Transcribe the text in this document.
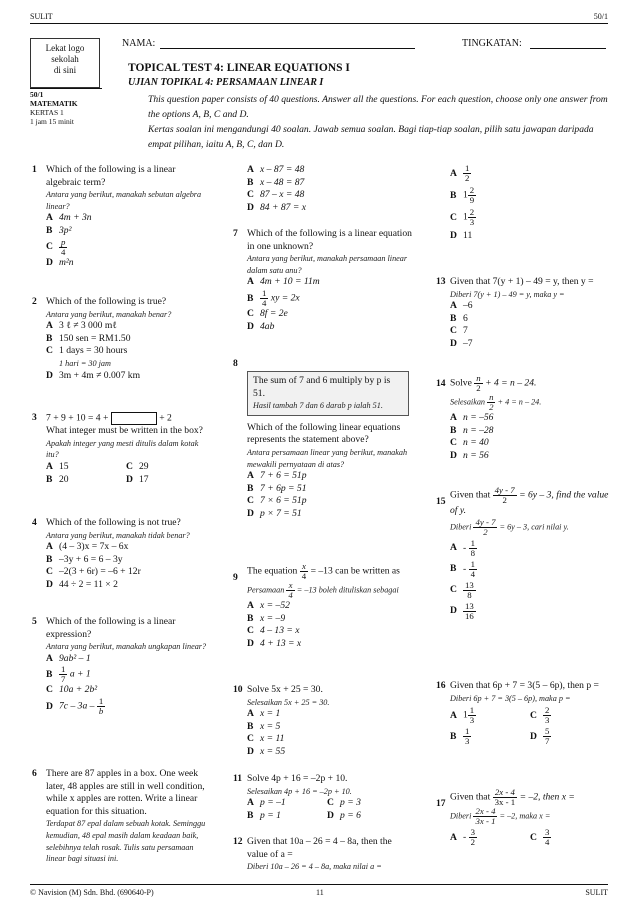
SULIT	50/1
Lekat logo
sekolah
di sini
50/1
MATEMATIK
KERTAS 1
1 jam 15 minit
NAMA:	TINGKATAN:
TOPICAL TEST 4: LINEAR EQUATIONS I
UJIAN TOPIKAL 4: PERSAMAAN LINEAR I
This question paper consists of 40 questions. Answer all the questions. For each question, choose only one answer from the options A, B, C and D.
Kertas soalan ini mengandungi 40 soalan. Jawab semua soalan. Bagi tiap-tiap soalan, pilih satu jawapan daripada empat pilihan, iaitu A, B, C, dan D.
1 Which of the following is a linear algebraic term?
Antara yang berikut, manakah sebutan algebra linear?
A 4m + 3n
B 3p²
C $\frac{p}{4}$
D m²n
2 Which of the following is true?
Antara yang berikut, manakah benar?
A 3 ℓ ≠ 3 000 mℓ
B 150 sen = RM1.50
C 1 days = 30 hours
1 hari = 30 jam
D 3m + 4m ≠ 0.007 km
3 7 + 9 + 10 = 4 +	+ 2
What integer must be written in the box?
Apakah integer yang mesti ditulis dalam kotak itu?
A 15	C 29
B 20	D 17
4 Which of the following is not true?
Antara yang berikut, manakah tidak benar?
A (4 – 3)x = 7x – 6x
B –3y + 6 = 6 – 3y
C –2(3 + 6r) = –6 + 12r
D 44 ÷ 2 = 11 × 2
5 Which of the following is a linear expression?
Antara yang berikut, manakah ungkapan linear?
A 9ab² – 1
B $\frac{1}{7}$ a + 1
C 10a + 2b²
D $7c - 3a - \frac{1}{b}$
6 There are 87 apples in a box. One week later, 48 apples are still in well condition, while x apples are rotten. Write a linear equation for this situation.
Terdapat 87 epal dalam sebuah kotak. Seminggu kemudian, 48 epal masih dalam keadaan baik, selebihnya telah rosak. Tulis satu persamaan linear bagi situasi ini.
A x – 87 = 48
B x – 48 = 87
C 87 – x = 48
D 84 + 87 = x
7 Which of the following is a linear equation in one unknown?
Antara yang berikut, manakah persamaan linear dalam satu anu?
A 4m + 10 = 11m
B $\frac{1}{4}$ xy = 2x
C 8f = 2e
D 4ab
8
The sum of 7 and 6 multiply by p is 51.
Hasil tambah 7 dan 6 darab p ialah 51.
Which of the following linear equations represents the statement above?
Antara persamaan linear yang berikut, manakah mewakili pernyataan di atas?
A 7 + 6 = 51p
B 7 + 6p = 51
C 7 × 6 = 51p
D p × 7 = 51
9
The equation $\frac{x}{4} = -13$ can be written as
Persamaan $\frac{x}{4} = -13$ boleh dituliskan sebagai
A x = –52
B x = –9
C 4 – 13 = x
D 4 + 13 = x
10 Solve 5x + 25 = 30.
Selesaikan 5x + 25 = 30.
A x = 1
B x = 5
C x = 11
D x = 55
11 Solve 4p + 16 = –2p + 10.
Selesaikan 4p + 16 = –2p + 10.
A p = –1	C p = 3
B p = 1	D p = 6
12 Given that 10a – 26 = 4 – 8a, then the value of a =
Diberi 10a – 26 = 4 – 8a, maka nilai a =
A $\frac{1}{2}$
B $1 \frac{2}{9}$
C $1 \frac{2}{3}$
D 11
13 Given that 7(y + 1) – 49 = y, then y =
Diberi 7(y + 1) – 49 = y, maka y =
A –6
B 6
C 7
D –7
14 Solve $\frac{n}{2} + 4 = n - 24$.
Selesaikan $\frac{n}{2} + 4 = n - 24$.
A n = –56
B n = –28
C n = 40
D n = 56
15
Given that $\frac{4y - 7}{2} = 6y - 3$, find the value of y.
Diberi $\frac{4y - 7}{2} = 6y - 3$, cari nilai y.
A - $\frac{1}{8}$
B - $\frac{1}{4}$
C $\frac{13}{8}$
D $\frac{13}{16}$
16 Given that 6p + 7 = 3(5 – 6p), then p =
Diberi 6p + 7 = 3(5 – 6p), maka p =
A $1 \frac{1}{3}$	C $\frac{2}{3}$
B $\frac{1}{3}$	D $\frac{5}{7}$
17
Given that $\frac{2x - 4}{3x - 1} = -2$, then x =
Diberi $\frac{2x - 4}{3x - 1} = -2$, maka x =
A - $\frac{3}{2}$	C $\frac{3}{4}$
© Navision (M) Sdn. Bhd. (690640-P)	11	SULIT
